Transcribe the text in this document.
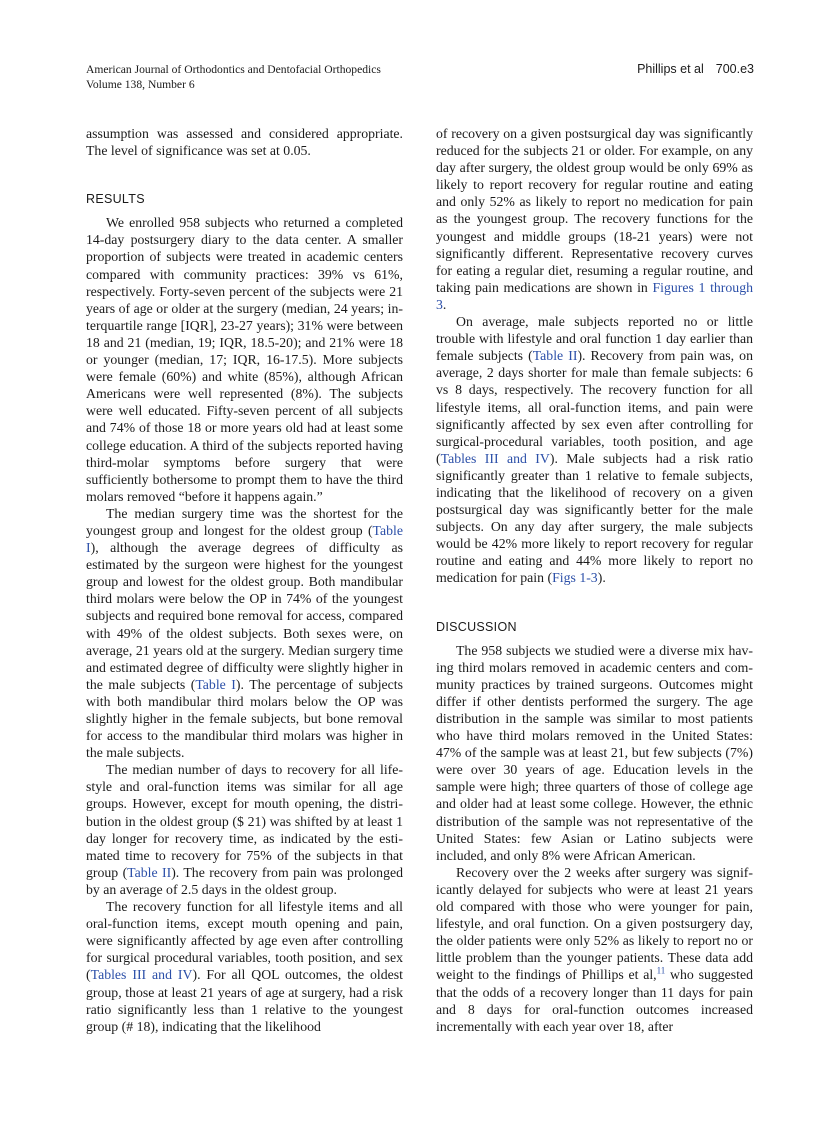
American Journal of Orthodontics and Dentofacial Orthopedics
Volume 138, Number 6
Phillips et al 700.e3

assumption was assessed and considered appropriate. The level of significance was set at 0.05.

RESULTS

We enrolled 958 subjects who returned a completed 14-day postsurgery diary to the data center. A smaller proportion of subjects were treated in academic centers compared with community practices: 39% vs 61%, respectively. Forty-seven percent of the subjects were 21 years of age or older at the surgery (median, 24 years; interquartile range [IQR], 23-27 years); 31% were between 18 and 21 (median, 19; IQR, 18.5-20); and 21% were 18 or younger (median, 17; IQR, 16-17.5). More subjects were female (60%) and white (85%), although African Americans were well represented (8%). The subjects were well educated. Fifty-seven percent of all subjects and 74% of those 18 or more years old had at least some college education. A third of the subjects reported having third-molar symptoms before surgery that were sufficiently bothersome to prompt them to have the third molars removed “before it happens again.”

The median surgery time was the shortest for the youngest group and longest for the oldest group (Table I), although the average degrees of difficulty as estimated by the surgeon were highest for the youngest group and lowest for the oldest group. Both mandibular third molars were below the OP in 74% of the youngest subjects and required bone removal for access, compared with 49% of the oldest subjects. Both sexes were, on average, 21 years old at the surgery. Median surgery time and estimated degree of difficulty were slightly higher in the male subjects (Table I). The percentage of subjects with both mandibular third molars below the OP was slightly higher in the female subjects, but bone removal for access to the mandibular third molars was higher in the male subjects.

The median number of days to recovery for all lifestyle and oral-function items was similar for all age groups. However, except for mouth opening, the distribution in the oldest group ($ 21) was shifted by at least 1 day longer for recovery time, as indicated by the estimated time to recovery for 75% of the subjects in that group (Table II). The recovery from pain was prolonged by an average of 2.5 days in the oldest group.

The recovery function for all lifestyle items and all oral-function items, except mouth opening and pain, were significantly affected by age even after controlling for surgical procedural variables, tooth position, and sex (Tables III and IV). For all QOL outcomes, the oldest group, those at least 21 years of age at surgery, had a risk ratio significantly less than 1 relative to the youngest group (# 18), indicating that the likelihood

of recovery on a given postsurgical day was significantly reduced for the subjects 21 or older. For example, on any day after surgery, the oldest group would be only 69% as likely to report recovery for regular routine and eating and only 52% as likely to report no medication for pain as the youngest group. The recovery functions for the youngest and middle groups (18-21 years) were not significantly different. Representative recovery curves for eating a regular diet, resuming a regular routine, and taking pain medications are shown in Figures 1 through 3.

On average, male subjects reported no or little trouble with lifestyle and oral function 1 day earlier than female subjects (Table II). Recovery from pain was, on average, 2 days shorter for male than female subjects: 6 vs 8 days, respectively. The recovery function for all lifestyle items, all oral-function items, and pain were significantly affected by sex even after controlling for surgical-procedural variables, tooth position, and age (Tables III and IV). Male subjects had a risk ratio significantly greater than 1 relative to female subjects, indicating that the likelihood of recovery on a given postsurgical day was significantly better for the male subjects. On any day after surgery, the male subjects would be 42% more likely to report recovery for regular routine and eating and 44% more likely to report no medication for pain (Figs 1-3).

DISCUSSION

The 958 subjects we studied were a diverse mix having third molars removed in academic centers and community practices by trained surgeons. Outcomes might differ if other dentists performed the surgery. The age distribution in the sample was similar to most patients who have third molars removed in the United States: 47% of the sample was at least 21, but few subjects (7%) were over 30 years of age. Education levels in the sample were high; three quarters of those of college age and older had at least some college. However, the ethnic distribution of the sample was not representative of the United States: few Asian or Latino subjects were included, and only 8% were African American.

Recovery over the 2 weeks after surgery was significantly delayed for subjects who were at least 21 years old compared with those who were younger for pain, lifestyle, and oral function. On a given postsurgery day, the older patients were only 52% as likely to report no or little problem than the younger patients. These data add weight to the findings of Phillips et al,$^{11}$ who suggested that the odds of a recovery longer than 11 days for pain and 8 days for oral-function outcomes increased incrementally with each year over 18, after
